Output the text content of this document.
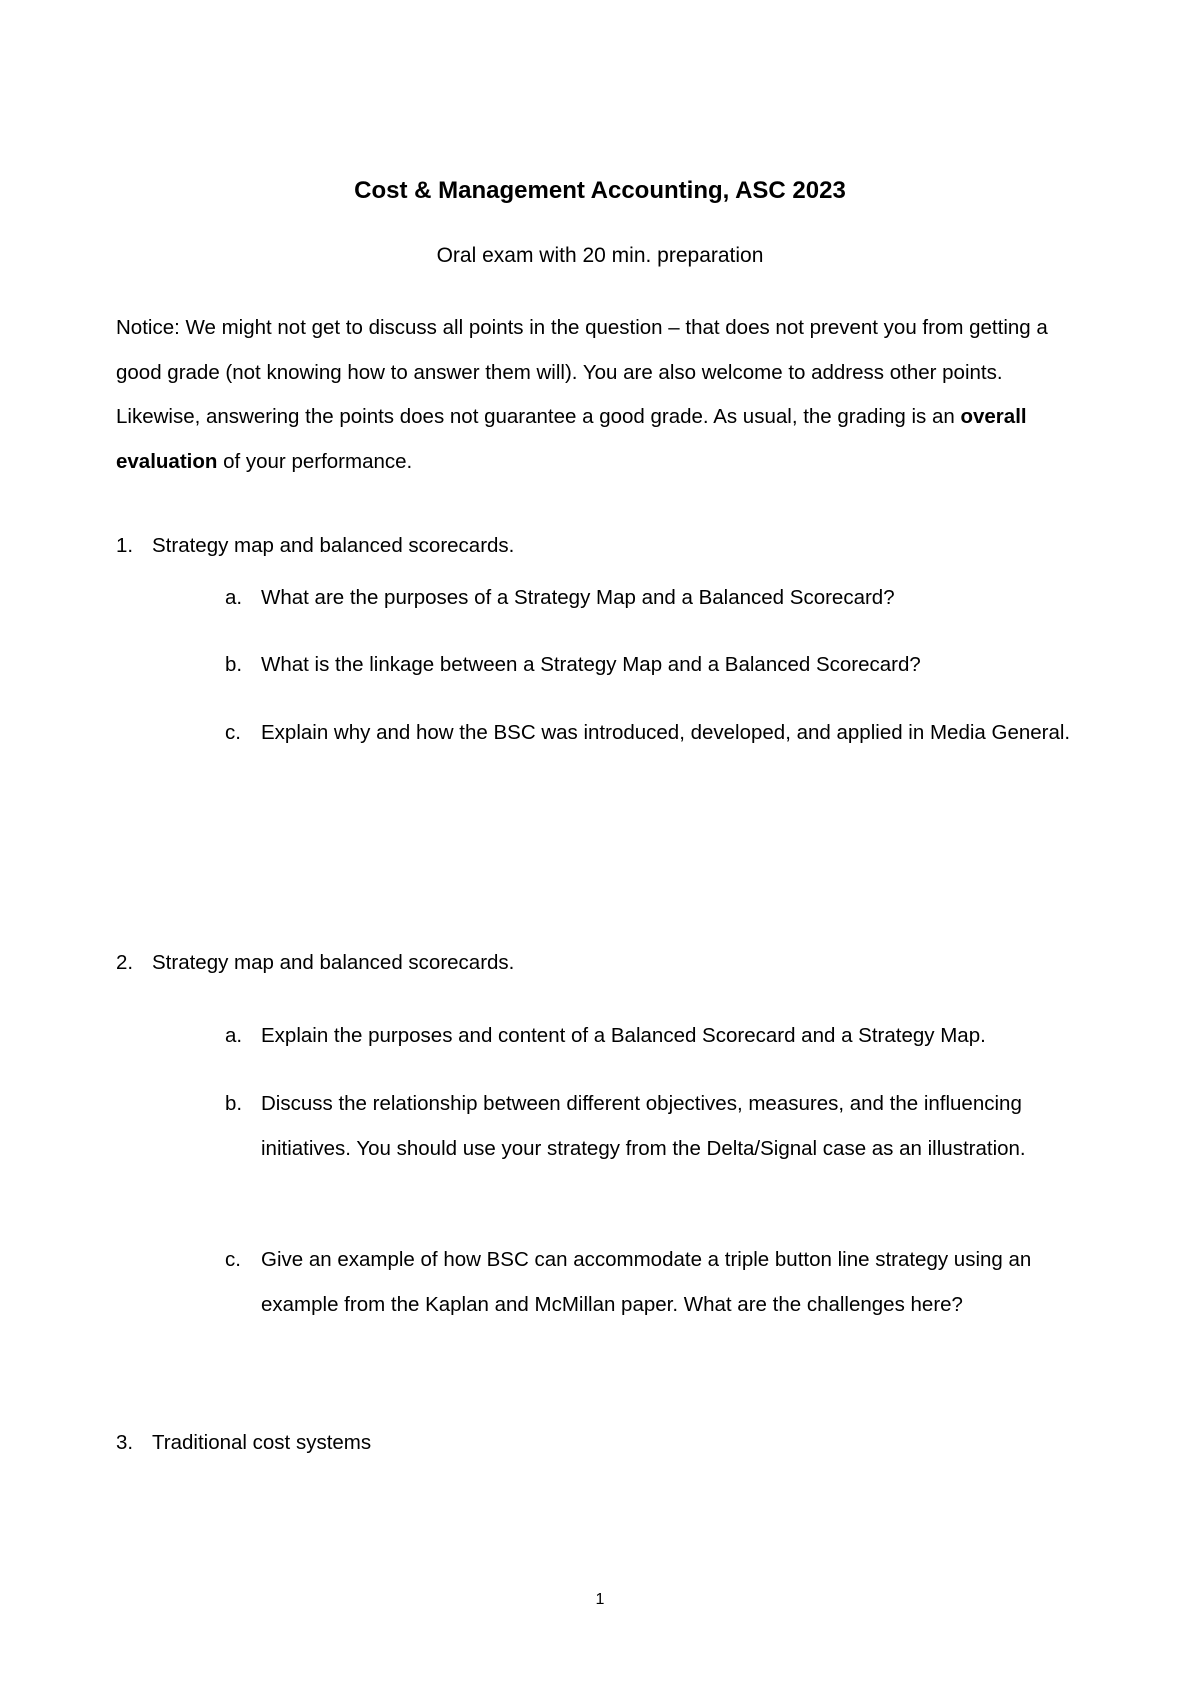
Cost & Management Accounting, ASC 2023

Oral exam with 20 min. preparation

Notice: We might not get to discuss all points in the question – that does not prevent you from getting a good grade (not knowing how to answer them will). You are also welcome to address other points. Likewise, answering the points does not guarantee a good grade. As usual, the grading is an overall evaluation of your performance.

1. Strategy map and balanced scorecards.
a. What are the purposes of a Strategy Map and a Balanced Scorecard?
b. What is the linkage between a Strategy Map and a Balanced Scorecard?
c. Explain why and how the BSC was introduced, developed, and applied in Media General.
2. Strategy map and balanced scorecards.
a. Explain the purposes and content of a Balanced Scorecard and a Strategy Map.
b. Discuss the relationship between different objectives, measures, and the influencing initiatives. You should use your strategy from the Delta/Signal case as an illustration.
c. Give an example of how BSC can accommodate a triple button line strategy using an example from the Kaplan and McMillan paper. What are the challenges here?
3. Traditional cost systems

1
